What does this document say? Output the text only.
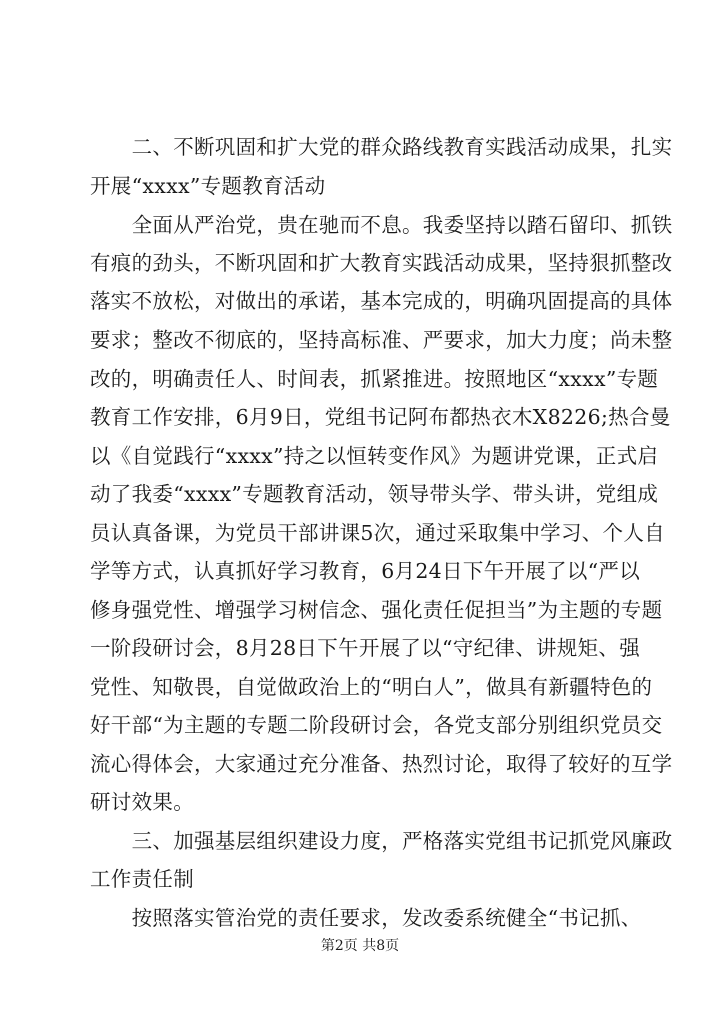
　　二、不断巩固和扩大党的群众路线教育实践活动成果，扎实
开展“xxxx”专题教育活动
　　全面从严治党，贵在驰而不息。我委坚持以踏石留印、抓铁
有痕的劲头，不断巩固和扩大教育实践活动成果，坚持狠抓整改
落实不放松，对做出的承诺，基本完成的，明确巩固提高的具体
要求；整改不彻底的，坚持高标准、严要求，加大力度；尚未整
改的，明确责任人、时间表，抓紧推进。按照地区“xxxx”专题
教育工作安排，6月9日，党组书记阿布都热衣木X8226;热合曼
以《自觉践行“xxxx”持之以恒转变作风》为题讲党课，正式启
动了我委“xxxx”专题教育活动，领导带头学、带头讲，党组成
员认真备课，为党员干部讲课5次，通过采取集中学习、个人自
学等方式，认真抓好学习教育，6月24日下午开展了以“严以
修身强党性、增强学习树信念、强化责任促担当”为主题的专题
一阶段研讨会，8月28日下午开展了以“守纪律、讲规矩、强
党性、知敬畏，自觉做政治上的“明白人”，做具有新疆特色的
好干部“为主题的专题二阶段研讨会，各党支部分别组织党员交
流心得体会，大家通过充分准备、热烈讨论，取得了较好的互学
研讨效果。
　　三、加强基层组织建设力度，严格落实党组书记抓党风廉政
工作责任制
　　按照落实管治党的责任要求，发改委系统健全“书记抓、
第2页 共8页
